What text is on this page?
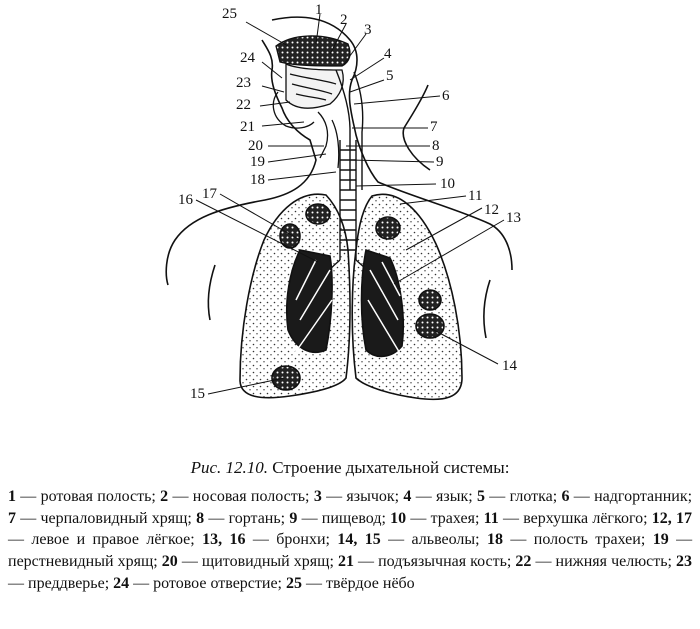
25	1
2
3
4
5
24
23
6
22
7
21
20	8
19	9
18	10
11
17
16
12 13
14
15
Рис. 12.10. Строение дыхательной системы:
1 — ротовая полость; 2 — носовая полость; 3 — язычок; 4 — язык; 5 — глотка; 6 — надгортанник; 7 — черпаловидный хрящ; 8 — гортань; 9 — пищевод; 10 — трахея; 11 — верхушка лёгкого; 12, 17 — левое и правое лёгкое; 13, 16 — бронхи; 14, 15 — альвеолы; 18 — полость трахеи; 19 — перстневидный хрящ; 20 — щитовидный хрящ; 21 — подъязычная кость; 22 — нижняя челюсть; 23 — преддверье; 24 — ротовое отверстие; 25 — твёрдое нёбо
